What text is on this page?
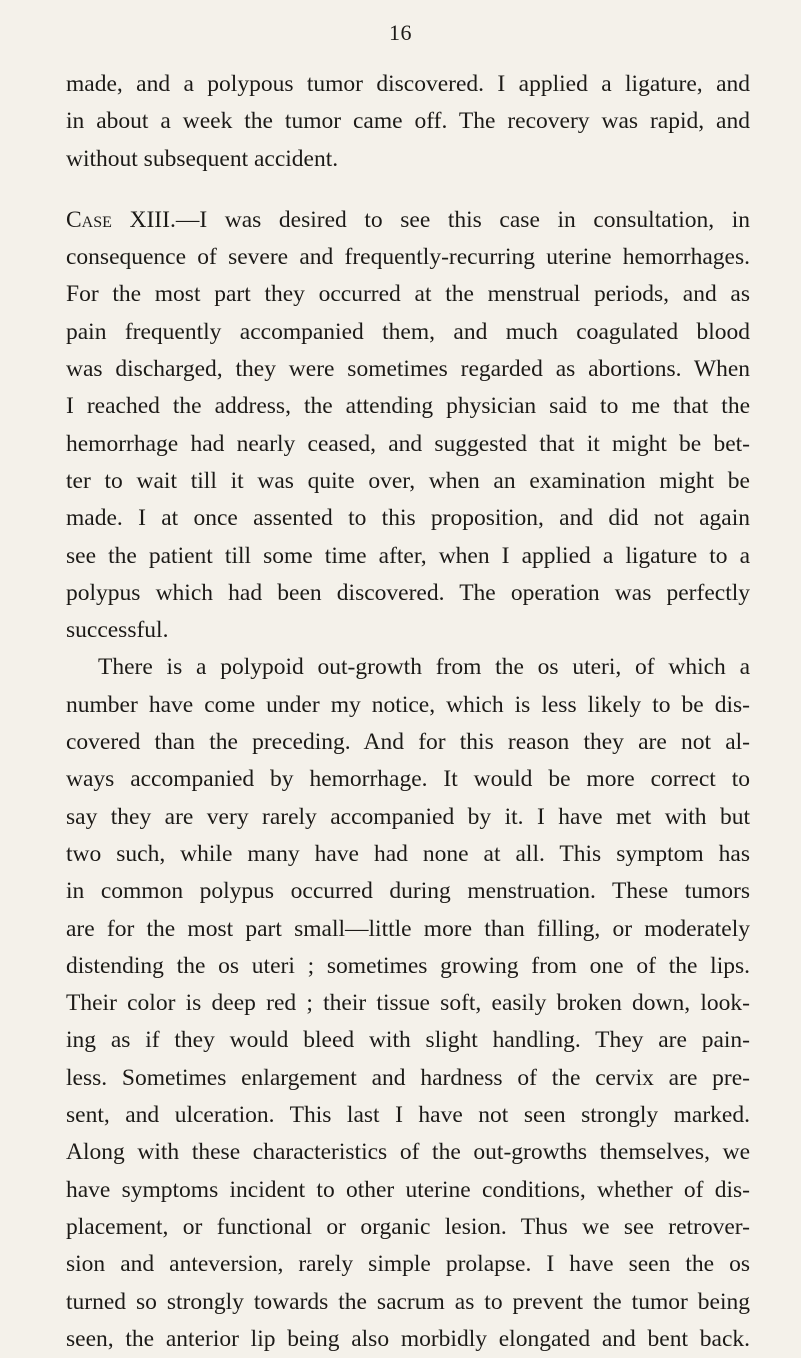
16
made, and a polypous tumor discovered. I applied a ligature, and
in about a week the tumor came off. The recovery was rapid, and
without subsequent accident.
Case XIII.—I was desired to see this case in consultation, in
consequence of severe and frequently-recurring uterine hemorrhages.
For the most part they occurred at the menstrual periods, and as
pain frequently accompanied them, and much coagulated blood
was discharged, they were sometimes regarded as abortions. When
I reached the address, the attending physician said to me that the
hemorrhage had nearly ceased, and suggested that it might be bet-
ter to wait till it was quite over, when an examination might be
made. I at once assented to this proposition, and did not again
see the patient till some time after, when I applied a ligature to a
polypus which had been discovered. The operation was perfectly
successful.
There is a polypoid out-growth from the os uteri, of which a
number have come under my notice, which is less likely to be dis-
covered than the preceding. And for this reason they are not al-
ways accompanied by hemorrhage. It would be more correct to
say they are very rarely accompanied by it. I have met with but
two such, while many have had none at all. This symptom has
in common polypus occurred during menstruation. These tumors
are for the most part small—little more than filling, or moderately
distending the os uteri ; sometimes growing from one of the lips.
Their color is deep red ; their tissue soft, easily broken down, look-
ing as if they would bleed with slight handling. They are pain-
less. Sometimes enlargement and hardness of the cervix are pre-
sent, and ulceration. This last I have not seen strongly marked.
Along with these characteristics of the out-growths themselves, we
have symptoms incident to other uterine conditions, whether of dis-
placement, or functional or organic lesion. Thus we see retrover-
sion and anteversion, rarely simple prolapse. I have seen the os
turned so strongly towards the sacrum as to prevent the tumor being
seen, the anterior lip being also morbidly elongated and bent back.
